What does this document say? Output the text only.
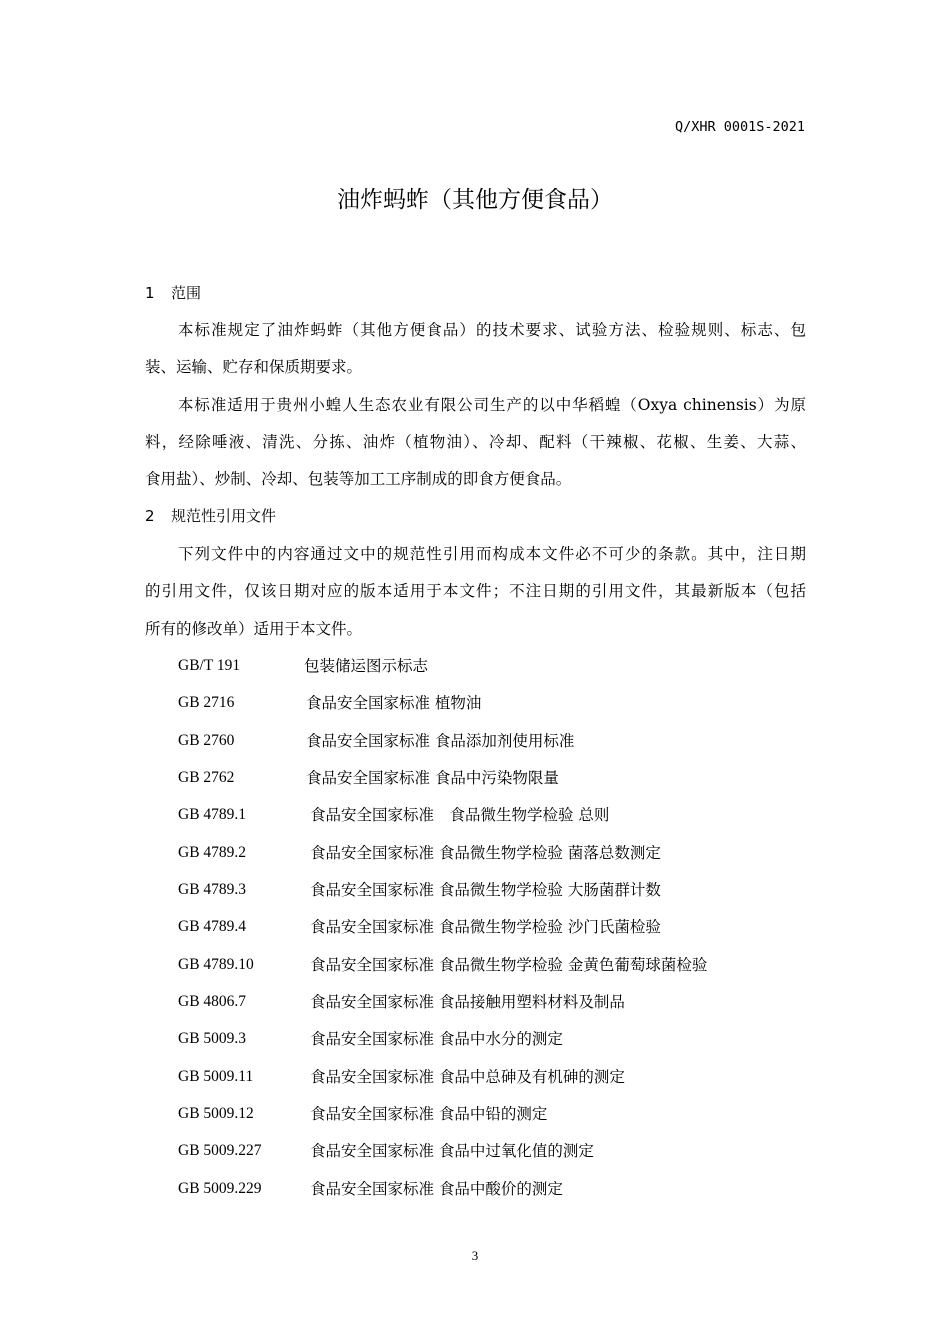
Q/XHR 0001S-2021
油炸蚂蚱（其他方便食品）
1 范围
本标准规定了油炸蚂蚱（其他方便食品）的技术要求、试验方法、检验规则、标志、包
装、运输、贮存和保质期要求。
本标准适用于贵州小蝗人生态农业有限公司生产的以中华稻蝗（Oxya chinensis）为原
料，经除唾液、清洗、分拣、油炸（植物油）、冷却、配料（干辣椒、花椒、生姜、大蒜、
食用盐）、炒制、冷却、包装等加工工序制成的即食方便食品。
2 规范性引用文件
下列文件中的内容通过文中的规范性引用而构成本文件必不可少的条款。其中，注日期
的引用文件，仅该日期对应的版本适用于本文件；不注日期的引用文件，其最新版本（包括
所有的修改单）适用于本文件。
GB/T 191	包装储运图示标志
GB 2716	食品安全国家标准 植物油
GB 2760	食品安全国家标准 食品添加剂使用标准
GB 2762	食品安全国家标准 食品中污染物限量
GB 4789.1	食品安全国家标准　食品微生物学检验 总则
GB 4789.2	食品安全国家标准 食品微生物学检验 菌落总数测定
GB 4789.3	食品安全国家标准 食品微生物学检验 大肠菌群计数
GB 4789.4	食品安全国家标准 食品微生物学检验 沙门氏菌检验
GB 4789.10	食品安全国家标准 食品微生物学检验 金黄色葡萄球菌检验
GB 4806.7	食品安全国家标准 食品接触用塑料材料及制品
GB 5009.3	食品安全国家标准 食品中水分的测定
GB 5009.11	食品安全国家标准 食品中总砷及有机砷的测定
GB 5009.12	食品安全国家标准 食品中铅的测定
GB 5009.227	食品安全国家标准 食品中过氧化值的测定
GB 5009.229	食品安全国家标准 食品中酸价的测定
3
